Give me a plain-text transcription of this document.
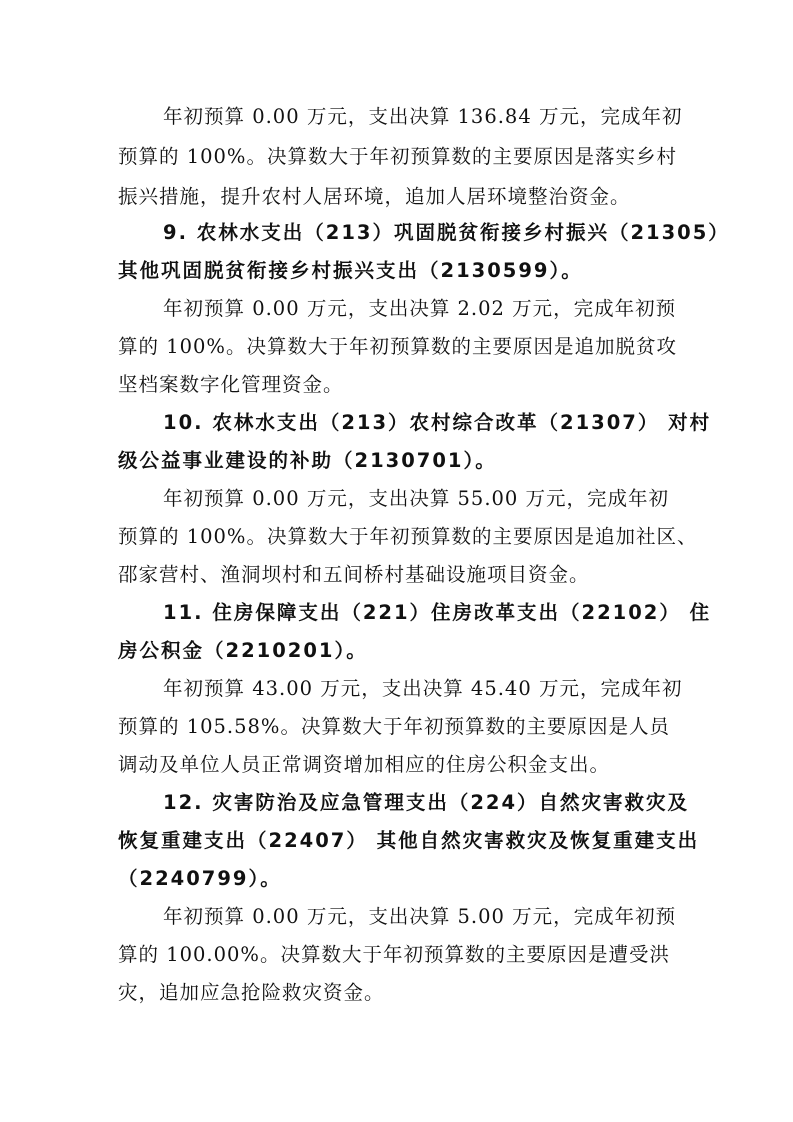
年初预算 0.00 万元，支出决算 136.84 万元，完成年初
预算的 100%。决算数大于年初预算数的主要原因是落实乡村
振兴措施，提升农村人居环境，追加人居环境整治资金。
9. 农林水支出（213）巩固脱贫衔接乡村振兴（21305）
其他巩固脱贫衔接乡村振兴支出（2130599）。
年初预算 0.00 万元，支出决算 2.02 万元，完成年初预
算的 100%。决算数大于年初预算数的主要原因是追加脱贫攻
坚档案数字化管理资金。
10. 农林水支出（213）农村综合改革（21307） 对村
级公益事业建设的补助（2130701）。
年初预算 0.00 万元，支出决算 55.00 万元，完成年初
预算的 100%。决算数大于年初预算数的主要原因是追加社区、
邵家营村、渔洞坝村和五间桥村基础设施项目资金。
11. 住房保障支出（221）住房改革支出（22102） 住
房公积金（2210201）。
年初预算 43.00 万元，支出决算 45.40 万元，完成年初
预算的 105.58%。决算数大于年初预算数的主要原因是人员
调动及单位人员正常调资增加相应的住房公积金支出。
12. 灾害防治及应急管理支出（224）自然灾害救灾及
恢复重建支出（22407） 其他自然灾害救灾及恢复重建支出
（2240799）。
年初预算 0.00 万元，支出决算 5.00 万元，完成年初预
算的 100.00%。决算数大于年初预算数的主要原因是遭受洪
灾，追加应急抢险救灾资金。
